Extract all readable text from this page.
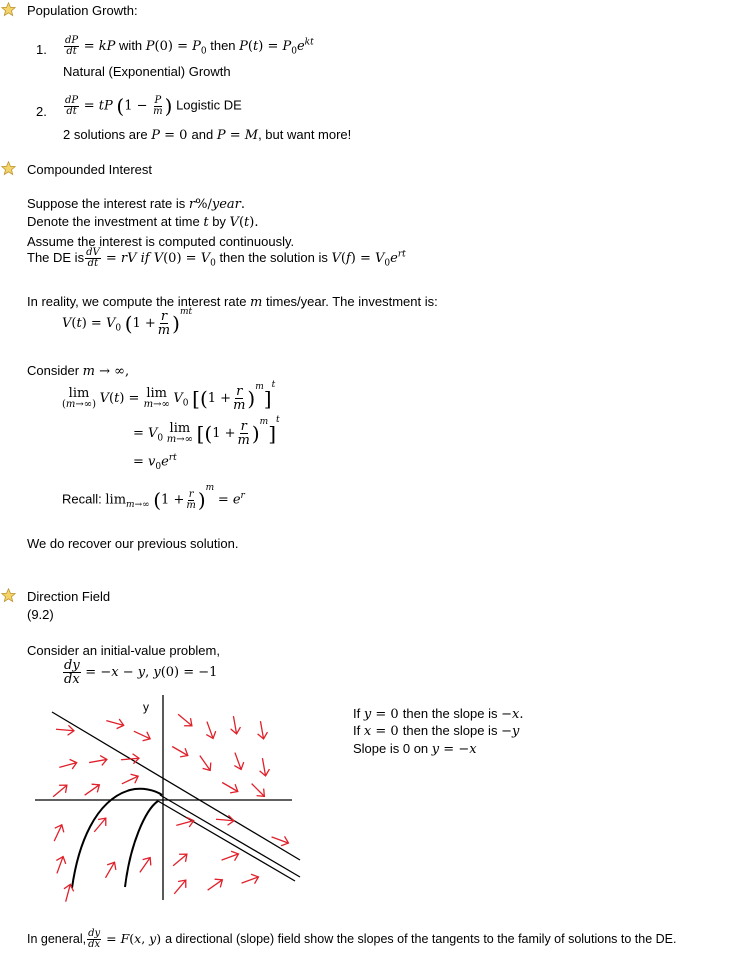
Population Growth:
1. $\frac{dP}{dt}$ = kP with $P(0) = P_0$ then $P(t) = P_0e^{kt}$
Natural (Exponential) Growth
2. $\frac{dP}{dt}$ = tP ($1 - \frac{P}{m}$ ) Logistic DE
2 solutions are P = 0 and P = M, but want more!
Compounded Interest
Suppose the interest rate is r%/year.
Denote the investment at time t by V(t).
Assume the interest is computed continuously.
The DE is $\frac{dV}{dt}$ = rV if $V(0) = V_0$ then the solution is $V(f) = V_0e^{rt}$
In reality, we compute the interest rate m times/year. The investment is:
$V(t) = V_0$ $(1 + \frac{r}{m} )^{mt}$
Consider m → ∞,
lim
(m→∞) V(t) = lim
m→∞ $V_0$ $[(1 + \frac{r}{m} )^m]^t$
= $V_0$
lim
m→∞ $[(1 + \frac{r}{m} )^m]^t$
= $v_0e^{rt}$
Recall: $\lim_{m\to\infty} (1 + \frac{r}{m} )^m = e^r$
We do recover our previous solution.
Direction Field
(9.2)
Consider an initial-value problem,
$\frac{dy}{dx} = -x - y$, y(0) = −1
y	If y = 0 then the slope is −x.
If x = 0 then the slope is −y
Slope is 0 on y = −x
In general, $\frac{dy}{dx} = F(x$, y) a directional (slope) field show the slopes of the tangents to the family of solutions to the DE.
